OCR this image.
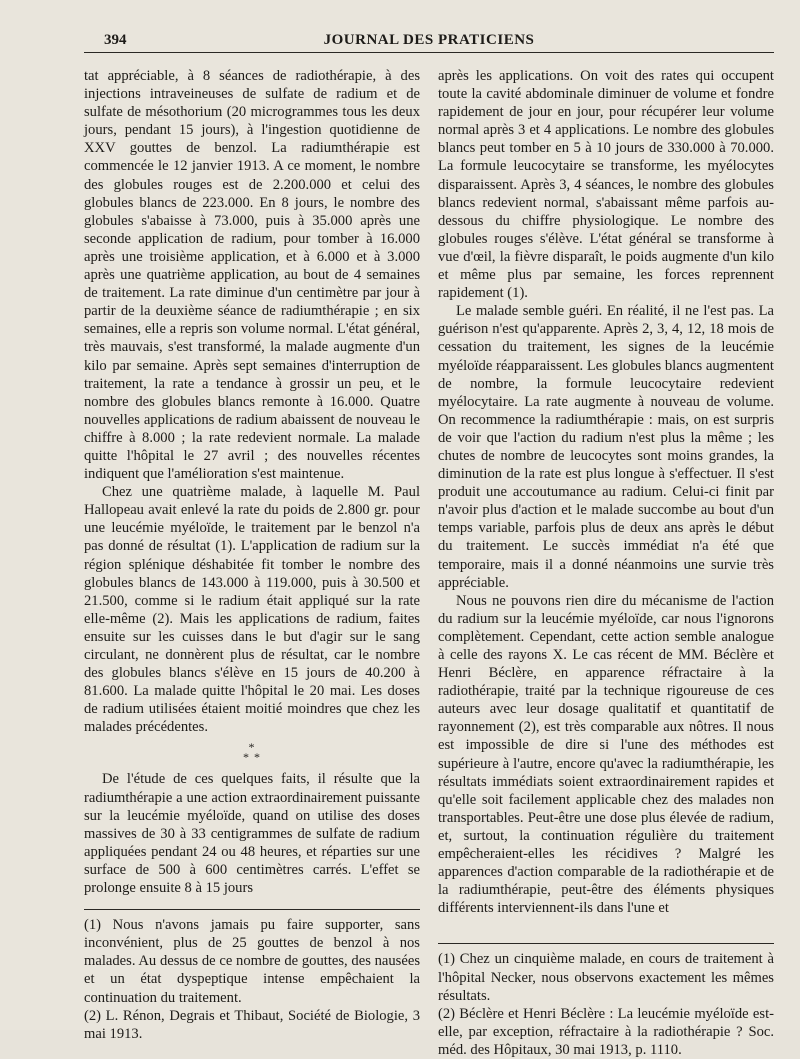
394	JOURNAL DES PRATICIENS

tat appréciable, à 8 séances de radiothérapie, à des injections intraveineuses de sulfate de radium et de sulfate de mésothorium (20 microgrammes tous les deux jours, pendant 15 jours), à l'ingestion quotidienne de XXV gouttes de benzol. La radiumthérapie est commencée le 12 janvier 1913. A ce moment, le nombre des globules rouges est de 2.200.000 et celui des globules blancs de 223.000. En 8 jours, le nombre des globules s'abaisse à 73.000, puis à 35.000 après une seconde application de radium, pour tomber à 16.000 après une troisième application, et à 6.000 et à 3.000 après une quatrième application, au bout de 4 semaines de traitement. La rate diminue d'un centimètre par jour à partir de la deuxième séance de radiumthérapie ; en six semaines, elle a repris son volume normal. L'état général, très mauvais, s'est transformé, la malade augmente d'un kilo par semaine. Après sept semaines d'interruption de traitement, la rate a tendance à grossir un peu, et le nombre des globules blancs remonte à 16.000. Quatre nouvelles applications de radium abaissent de nouveau le chiffre à 8.000 ; la rate redevient normale. La malade quitte l'hôpital le 27 avril ; des nouvelles récentes indiquent que l'amélioration s'est maintenue.

Chez une quatrième malade, à laquelle M. Paul Hallopeau avait enlevé la rate du poids de 2.800 gr. pour une leucémie myéloïde, le traitement par le benzol n'a pas donné de résultat (1). L'application de radium sur la région splénique déshabitée fit tomber le nombre des globules blancs de 143.000 à 119.000, puis à 30.500 et 21.500, comme si le radium était appliqué sur la rate elle-même (2). Mais les applications de radium, faites ensuite sur les cuisses dans le but d'agir sur le sang circulant, ne donnèrent plus de résultat, car le nombre des globules blancs s'élève en 15 jours de 40.200 à 81.600. La malade quitte l'hôpital le 20 mai. Les doses de radium utilisées étaient moitié moindres que chez les malades précédentes.

*
* *

De l'étude de ces quelques faits, il résulte que la radiumthérapie a une action extraordinairement puissante sur la leucémie myéloïde, quand on utilise des doses massives de 30 à 33 centigrammes de sulfate de radium appliquées pendant 24 ou 48 heures, et réparties sur une surface de 500 à 600 centimètres carrés. L'effet se prolonge ensuite 8 à 15 jours

(1) Nous n'avons jamais pu faire supporter, sans inconvénient, plus de 25 gouttes de benzol à nos malades. Au dessus de ce nombre de gouttes, des nausées et un état dyspeptique intense empêchaient la continuation du traitement.

(2) L. Rénon, Degrais et Thibaut, Société de Biologie, 3 mai 1913.

après les applications. On voit des rates qui occupent toute la cavité abdominale diminuer de volume et fondre rapidement de jour en jour, pour récupérer leur volume normal après 3 et 4 applications. Le nombre des globules blancs peut tomber en 5 à 10 jours de 330.000 à 70.000. La formule leucocytaire se transforme, les myélocytes disparaissent. Après 3, 4 séances, le nombre des globules blancs redevient normal, s'abaissant même parfois au-dessous du chiffre physiologique. Le nombre des globules rouges s'élève. L'état général se transforme à vue d'œil, la fièvre disparaît, le poids augmente d'un kilo et même plus par semaine, les forces reprennent rapidement (1).

Le malade semble guéri. En réalité, il ne l'est pas. La guérison n'est qu'apparente. Après 2, 3, 4, 12, 18 mois de cessation du traitement, les signes de la leucémie myéloïde réapparaissent. Les globules blancs augmentent de nombre, la formule leucocytaire redevient myélocytaire. La rate augmente à nouveau de volume. On recommence la radiumthérapie : mais, on est surpris de voir que l'action du radium n'est plus la même ; les chutes de nombre de leucocytes sont moins grandes, la diminution de la rate est plus longue à s'effectuer. Il s'est produit une accoutumance au radium. Celui-ci finit par n'avoir plus d'action et le malade succombe au bout d'un temps variable, parfois plus de deux ans après le début du traitement. Le succès immédiat n'a été que temporaire, mais il a donné néanmoins une survie très appréciable.

Nous ne pouvons rien dire du mécanisme de l'action du radium sur la leucémie myéloïde, car nous l'ignorons complètement. Cependant, cette action semble analogue à celle des rayons X. Le cas récent de MM. Béclère et Henri Béclère, en apparence réfractaire à la radiothérapie, traité par la technique rigoureuse de ces auteurs avec leur dosage qualitatif et quantitatif de rayonnement (2), est très comparable aux nôtres. Il nous est impossible de dire si l'une des méthodes est supérieure à l'autre, encore qu'avec la radiumthérapie, les résultats immédiats soient extraordinairement rapides et qu'elle soit facilement applicable chez des malades non transportables. Peut-être une dose plus élevée de radium, et, surtout, la continuation régulière du traitement empêcheraient-elles les récidives ? Malgré les apparences d'action comparable de la radiothérapie et de la radiumthérapie, peut-être des éléments physiques différents interviennent-ils dans l'une et

(1) Chez un cinquième malade, en cours de traitement à l'hôpital Necker, nous observons exactement les mêmes résultats.

(2) Béclère et Henri Béclère : La leucémie myéloïde est-elle, par exception, réfractaire à la radiothérapie ? Soc. méd. des Hôpitaux, 30 mai 1913, p. 1110.
